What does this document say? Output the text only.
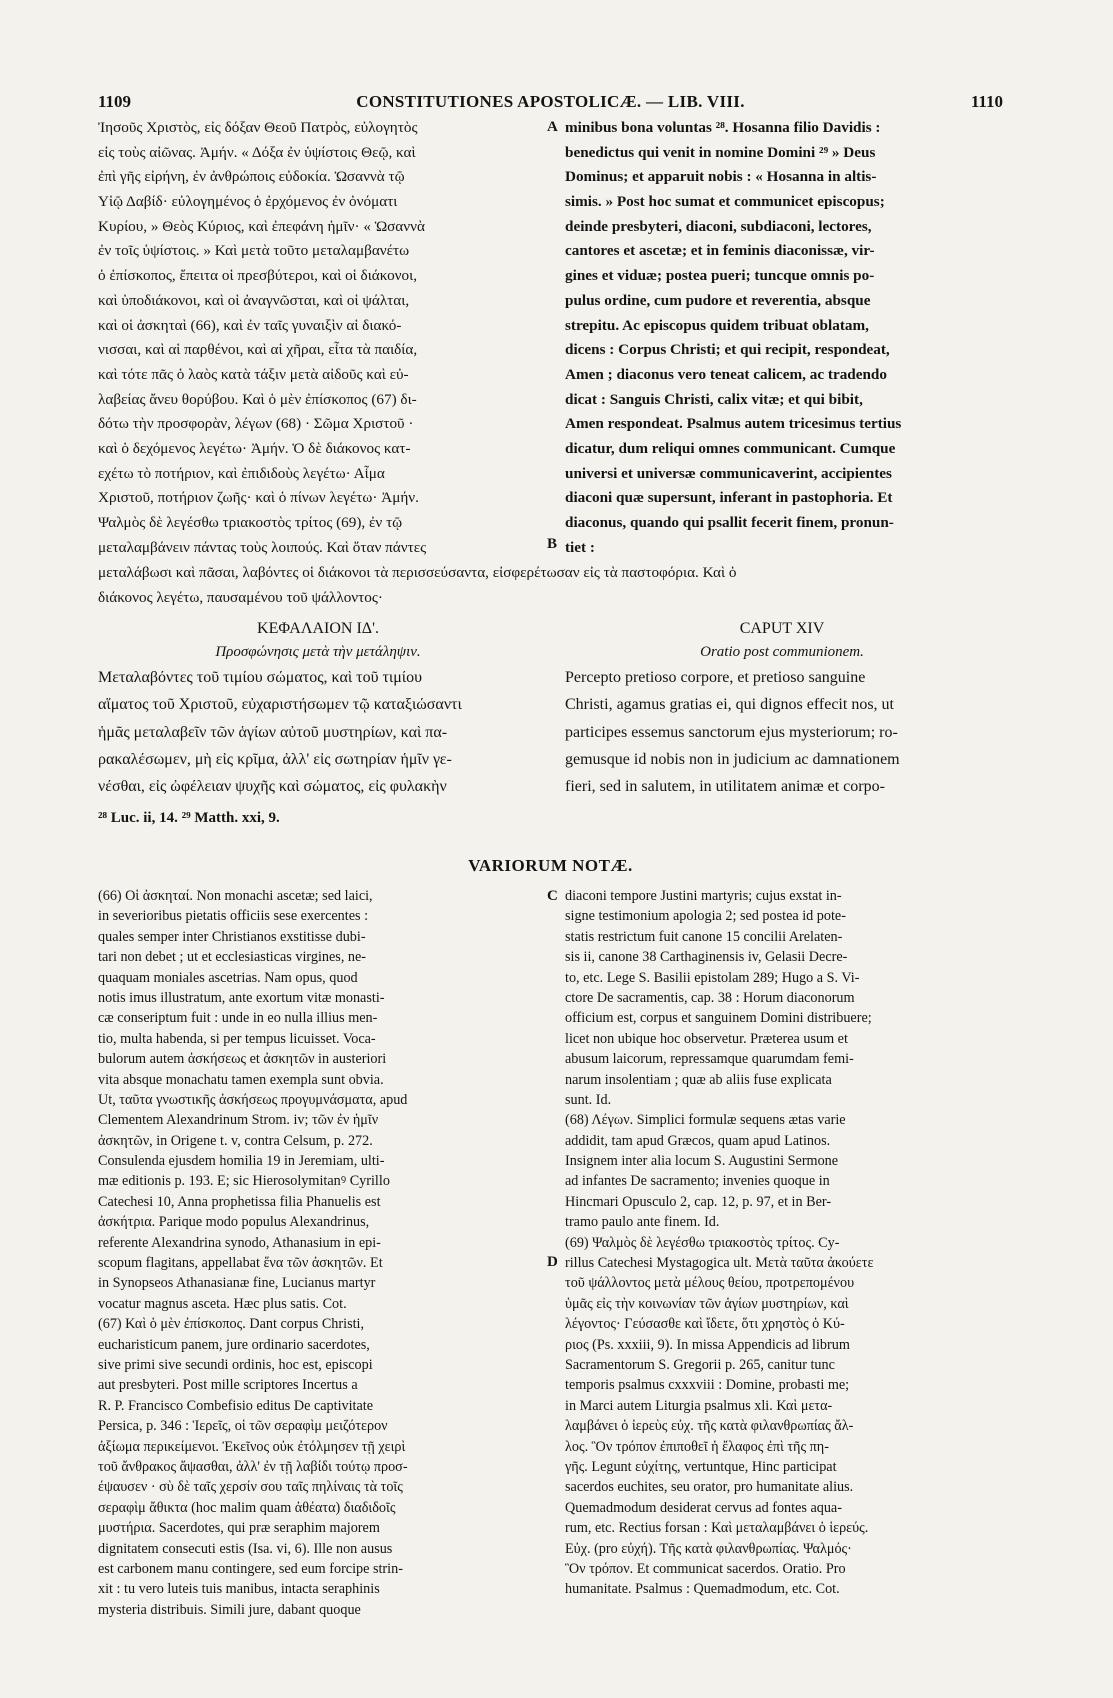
1109	CONSTITUTIONES APOSTOLICÆ. — LIB. VIII.	1110
Ἰησοῦς Χριστὸς, εἰς δόξαν Θεοῦ Πατρὸς, εὐλογητὸς
εἰς τοὺς αἰῶνας. Ἀμήν. « Δόξα ἐν ὑψίστοις Θεῷ, καὶ
ἐπὶ γῆς εἰρήνη, ἐν ἀνθρώποις εὐδοκία. Ὡσαννὰ τῷ
Υἱῷ Δαβίδ· εὐλογημένος ὁ ἐρχόμενος ἐν ὀνόματι
Κυρίου, » Θεὸς Κύριος, καὶ ἐπεφάνη ἡμῖν· « Ὡσαννὰ
ἐν τοῖς ὑψίστοις. » Καὶ μετὰ τοῦτο μεταλαμβανέτω
ὁ ἐπίσκοπος, ἔπειτα οἱ πρεσβύτεροι, καὶ οἱ διάκονοι,
καὶ ὑποδιάκονοι, καὶ οἱ ἀναγνῶσται, καὶ οἱ ψάλται,
καὶ οἱ ἀσκηταὶ (66), καὶ ἐν ταῖς γυναιξὶν αἱ διακό-
νισσαι, καὶ αἱ παρθένοι, καὶ αἱ χῆραι, εἶτα τὰ παιδία,
καὶ τότε πᾶς ὁ λαὸς κατὰ τάξιν μετὰ αἰδοῦς καὶ εὐ-
λαβείας ἄνευ θορύβου. Καὶ ὁ μὲν ἐπίσκοπος (67) δι-
δότω τὴν προσφορὰν, λέγων (68) · Σῶμα Χριστοῦ ·
καὶ ὁ δεχόμενος λεγέτω· Ἀμήν. Ὁ δὲ διάκονος κατ-
εχέτω τὸ ποτήριον, καὶ ἐπιδιδοὺς λεγέτω· Αἷμα
Χριστοῦ, ποτήριον ζωῆς· καὶ ὁ πίνων λεγέτω· Ἀμήν.
Ψαλμὸς δὲ λεγέσθω τριακοστὸς τρίτος (69), ἐν τῷ
μεταλαμβάνειν πάντας τοὺς λοιπούς. Καὶ ὅταν πάντες
minibus bona voluntas ²⁸. Hosanna filio Davidis :
benedictus qui venit in nomine Domini ²⁹ » Deus
Dominus; et apparuit nobis : « Hosanna in altis-
simis. » Post hoc sumat et communicet episcopus;
deinde presbyteri, diaconi, subdiaconi, lectores,
cantores et ascetæ; et in feminis diaconissæ, vir-
gines et viduæ; postea pueri; tuncque omnis po-
pulus ordine, cum pudore et reverentia, absque
strepitu. Ac episcopus quidem tribuat oblatam,
dicens : Corpus Christi; et qui recipit, respondeat,
Amen ; diaconus vero teneat calicem, ac tradendo
dicat : Sanguis Christi, calix vitæ; et qui bibit,
Amen respondeat. Psalmus autem tricesimus tertius
dicatur, dum reliqui omnes communicant. Cumque
universi et universæ communicaverint, accipientes
diaconi quæ supersunt, inferant in pastophoria. Et
diaconus, quando qui psallit fecerit finem, pronun-
tiet :
μεταλάβωσι καὶ πᾶσαι, λαβόντες οἱ διάκονοι τὰ περισσεύσαντα, εἰσφερέτωσαν εἰς τὰ παστοφόρια. Καὶ ὁ
διάκονος λεγέτω, παυσαμένου τοῦ ψάλλοντος·
ΚΕΦΑΛΑΙΟΝ ΙΔ'.
Προσφώνησις μετὰ τὴν μετάληψιν.
Μεταλαβόντες τοῦ τιμίου σώματος, καὶ τοῦ τιμίου
αἵματος τοῦ Χριστοῦ, εὐχαριστήσωμεν τῷ καταξιώσαντι
ἡμᾶς μεταλαβεῖν τῶν ἁγίων αὐτοῦ μυστηρίων, καὶ πα-
ρακαλέσωμεν, μὴ εἰς κρῖμα, ἀλλ' εἰς σωτηρίαν ἡμῖν γε-
νέσθαι, εἰς ὠφέλειαν ψυχῆς καὶ σώματος, εἰς φυλακὴν
CAPUT XIV
Oratio post communionem.
Percepto pretioso corpore, et pretioso sanguine
Christi, agamus gratias ei, qui dignos effecit nos, ut
participes essemus sanctorum ejus mysteriorum; ro-
gemusque id nobis non in judicium ac damnationem
fieri, sed in salutem, in utilitatem animæ et corpo-
²⁸ Luc. ii, 14. ²⁹ Matth. xxi, 9.
VARIORUM NOTÆ.
(66) Οἱ ἀσκηταί. Non monachi ascetæ; sed laici,
in severioribus pietatis officiis sese exercentes :
quales semper inter Christianos exstitisse dubi-
tari non debet ; ut et ecclesiasticas virgines, ne-
quaquam moniales ascetrias. Nam opus, quod
notis imus illustratum, ante exortum vitæ monasti-
cæ conseriptum fuit : unde in eo nulla illius men-
tio, multa habenda, si per tempus licuisset. Voca-
bulorum autem ἀσκήσεως et ἀσκητῶν in austeriori
vita absque monachatu tamen exempla sunt obvia.
Ut, ταῦτα γνωστικῆς ἀσκήσεως προγυμνάσματα, apud
Clementem Alexandrinum Strom. iv; τῶν ἐν ἡμῖν
ἀσκητῶν, in Origene t. v, contra Celsum, p. 272.
Consulenda ejusdem homilia 19 in Jeremiam, ulti-
mæ editionis p. 193. E; sic Hierosolymitanꝰ Cyrillo
Catechesi 10, Anna prophetissa filia Phanuelis est
ἀσκήτρια. Parique modo populus Alexandrinus,
referente Alexandrina synodo, Athanasium in epi-
scopum flagitans, appellabat ἕνα τῶν ἀσκητῶν. Et
in Synopseos Athanasianæ fine, Lucianus martyr
vocatur magnus asceta. Hæc plus satis. Cot.
(67) Καὶ ὁ μὲν ἐπίσκοπος. Dant corpus Christi,
eucharisticum panem, jure ordinario sacerdotes,
sive primi sive secundi ordinis, hoc est, episcopi
aut presbyteri. Post mille scriptores Incertus a
R. P. Francisco Combefisio editus De captivitate
Persica, p. 346 : Ἱερεῖς, οἱ τῶν σεραφὶμ μειζότερον
ἀξίωμα περικείμενοι. Ἐκεῖνος οὐκ ἐτόλμησεν τῇ χειρὶ
τοῦ ἄνθρακος ἅψασθαι, ἀλλ' ἐν τῇ λαβίδι τούτῳ προσ-
έψαυσεν · σὺ δὲ ταῖς χερσίν σου ταῖς πηλίναις τὰ τοῖς
σεραφὶμ ἄθικτα (hoc malim quam ἀθέατα) διαδιδοῖς
μυστήρια. Sacerdotes, qui præ seraphim majorem
dignitatem consecuti estis (Isa. vi, 6). Ille non ausus
est carbonem manu contingere, sed eum forcipe strin-
xit : tu vero luteis tuis manibus, intacta seraphinis
mysteria distribuis. Simili jure, dabant quoque
diaconi tempore Justini martyris; cujus exstat in-
signe testimonium apologia 2; sed postea id pote-
statis restrictum fuit canone 15 concilii Arelaten-
sis ii, canone 38 Carthaginensis iv, Gelasii Decre-
to, etc. Lege S. Basilii epistolam 289; Hugo a S. Vi-
ctore De sacramentis, cap. 38 : Horum diaconorum
officium est, corpus et sanguinem Domini distribuere;
licet non ubique hoc observetur. Præterea usum et
abusum laicorum, repressamque quarumdam femi-
narum insolentiam ; quæ ab aliis fuse explicata
sunt. Id.
(68) Λέγων. Simplici formulæ sequens ætas varie
addidit, tam apud Græcos, quam apud Latinos.
Insignem inter alia locum S. Augustini Sermone
ad infantes De sacramento; invenies quoque in
Hincmari Opusculo 2, cap. 12, p. 97, et in Ber-
tramo paulo ante finem. Id.
(69) Ψαλμὸς δὲ λεγέσθω τριακοστὸς τρίτος. Cy-
rillus Catechesi Mystagogica ult. Μετὰ ταῦτα ἀκούετε
τοῦ ψάλλοντος μετὰ μέλους θείου, προτρεπομένου
ὑμᾶς εἰς τὴν κοινωνίαν τῶν ἁγίων μυστηρίων, καὶ
λέγοντος· Γεύσασθε καὶ ἴδετε, ὅτι χρηστὸς ὁ Κύ-
ριος (Ps. xxxiii, 9). In missa Appendicis ad librum
Sacramentorum S. Gregorii p. 265, canitur tunc
temporis psalmus cxxxviii : Domine, probasti me;
in Marci autem Liturgia psalmus xli. Καὶ μετα-
λαμβάνει ὁ ἱερεὺς εὐχ. τῆς κατὰ φιλανθρωπίας ἄλ-
λος. Ὃν τρόπον ἐπιποθεῖ ἡ ἔλαφος ἐπὶ τῆς πη-
γῆς. Legunt εὐχίτης, vertuntque, Hinc participat
sacerdos euchites, seu orator, pro humanitate alius.
Quemadmodum desiderat cervus ad fontes aqua-
rum, etc. Rectius forsan : Καὶ μεταλαμβάνει ὁ ἱερεύς.
Εὐχ. (pro εὐχή). Τῆς κατὰ φιλανθρωπίας. Ψαλμός·
Ὃν τρόπον. Et communicat sacerdos. Oratio. Pro
humanitate. Psalmus : Quemadmodum, etc. Cot.
A
B
C
D
